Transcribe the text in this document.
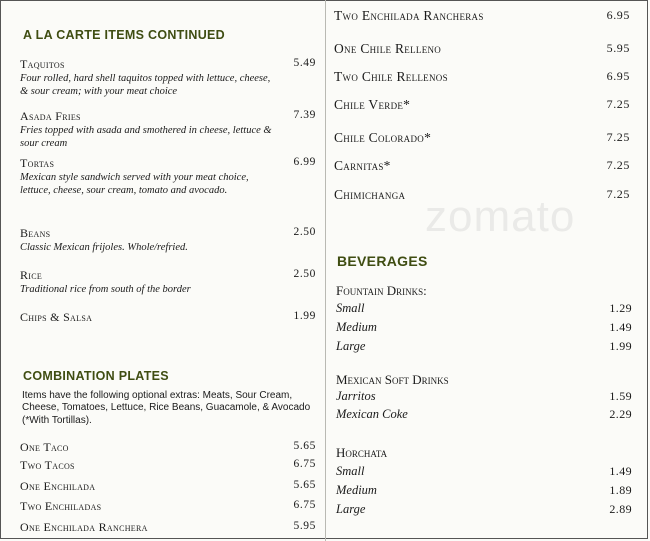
zomato
A LA CARTE ITEMS CONTINUED
Taquitos	5.49
Four rolled, hard shell taquitos topped with lettuce, cheese, & sour cream; with your meat choice
Asada Fries	7.39
Fries topped with asada and smothered in cheese, lettuce & sour cream
Tortas	6.99
Mexican style sandwich served with your meat choice, lettuce, cheese, sour cream, tomato and avocado.
Beans	2.50
Classic Mexican frijoles. Whole/refried.
Rice	2.50
Traditional rice from south of the border
Chips & Salsa	1.99
COMBINATION PLATES
Items have the following optional extras: Meats, Sour Cream, Cheese, Tomatoes, Lettuce, Rice Beans, Guacamole, & Avocado (*With Tortillas).
One Taco	5.65
Two Tacos	6.75
One Enchilada	5.65
Two Enchiladas	6.75
One Enchilada Ranchera	5.95
Two Enchilada Rancheras	6.95
One Chile Relleno	5.95
Two Chile Rellenos	6.95
Chile Verde*	7.25
Chile Colorado*	7.25
Carnitas*	7.25
Chimichanga	7.25
BEVERAGES
Fountain Drinks:
Small	1.29
Medium	1.49
Large	1.99
Mexican Soft Drinks
Jarritos	1.59
Mexican Coke	2.29
Horchata
Small	1.49
Medium	1.89
Large	2.89
